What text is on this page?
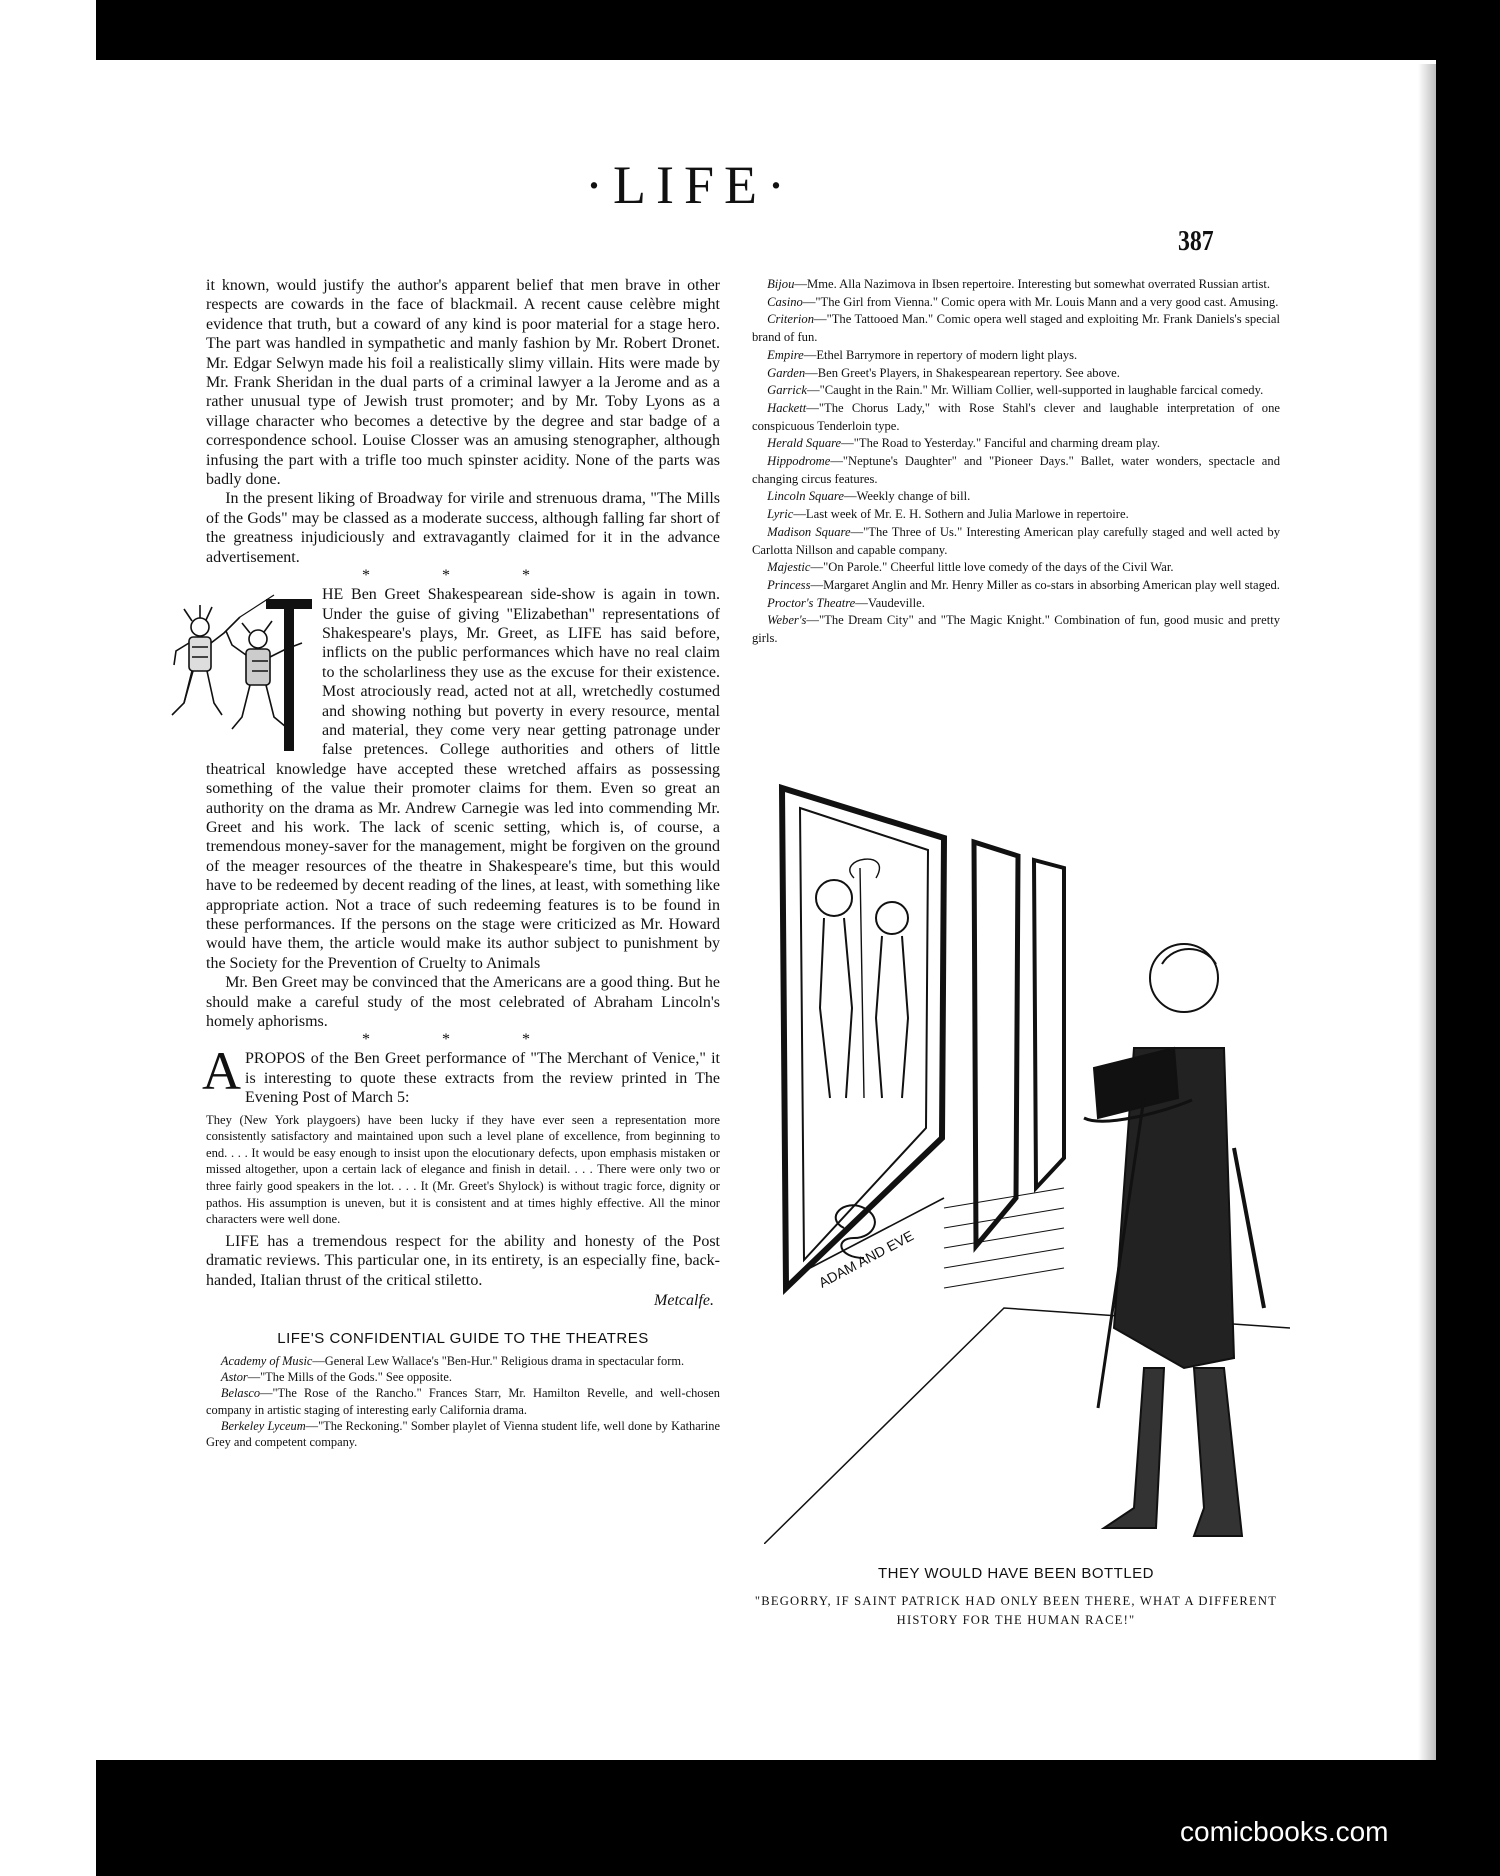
·LIFE·
387

it known, would justify the author's apparent belief that men brave in other respects are cowards in the face of blackmail. A recent cause celèbre might evidence that truth, but a coward of any kind is poor material for a stage hero. The part was handled in sympathetic and manly fashion by Mr. Robert Dronet. Mr. Edgar Selwyn made his foil a realistically slimy villain. Hits were made by Mr. Frank Sheridan in the dual parts of a criminal lawyer a la Jerome and as a rather unusual type of Jewish trust promoter; and by Mr. Toby Lyons as a village character who becomes a detective by the degree and star badge of a correspondence school. Louise Closser was an amusing stenographer, although infusing the part with a trifle too much spinster acidity. None of the parts was badly done.

In the present liking of Broadway for virile and strenuous drama, "The Mills of the Gods" may be classed as a moderate success, although falling far short of the greatness injudiciously and extravagantly claimed for it in the advance advertisement.

* * *

HE Ben Greet Shakespearean side-show is again in town. Under the guise of giving "Elizabethan" representations of Shakespeare's plays, Mr. Greet, as LIFE has said before, inflicts on the public performances which have no real claim to the scholarliness they use as the excuse for their existence. Most atrociously read, acted not at all, wretchedly costumed and showing nothing but poverty in every resource, mental and material, they come very near getting patronage under false pretences. College authorities and others of little theatrical knowledge have accepted these wretched affairs as possessing something of the value their promoter claims for them. Even so great an authority on the drama as Mr. Andrew Carnegie was led into commending Mr. Greet and his work. The lack of scenic setting, which is, of course, a tremendous money-saver for the management, might be forgiven on the ground of the meager resources of the theatre in Shakespeare's time, but this would have to be redeemed by decent reading of the lines, at least, with something like appropriate action. Not a trace of such redeeming features is to be found in these performances. If the persons on the stage were criticized as Mr. Howard would have them, the article would make its author subject to punishment by the Society for the Prevention of Cruelty to Animals

Mr. Ben Greet may be convinced that the Americans are a good thing. But he should make a careful study of the most celebrated of Abraham Lincoln's homely aphorisms.

* * *

APROPOS of the Ben Greet performance of "The Merchant of Venice," it is interesting to quote these extracts from the review printed in The Evening Post of March 5:

They (New York playgoers) have been lucky if they have ever seen a representation more consistently satisfactory and maintained upon such a level plane of excellence, from beginning to end. . . . It would be easy enough to insist upon the elocutionary defects, upon emphasis mistaken or missed altogether, upon a certain lack of elegance and finish in detail. . . . There were only two or three fairly good speakers in the lot. . . . It (Mr. Greet's Shylock) is without tragic force, dignity or pathos. His assumption is uneven, but it is consistent and at times highly effective. All the minor characters were well done.

LIFE has a tremendous respect for the ability and honesty of the Post dramatic reviews. This particular one, in its entirety, is an especially fine, back-handed, Italian thrust of the critical stiletto.

Metcalfe.
LIFE'S CONFIDENTIAL GUIDE TO THE THEATRES

Academy of Music—General Lew Wallace's "Ben-Hur." Religious drama in spectacular form.

Astor—"The Mills of the Gods." See opposite.

Belasco—"The Rose of the Rancho." Frances Starr, Mr. Hamilton Revelle, and well-chosen company in artistic staging of interesting early California drama.

Berkeley Lyceum—"The Reckoning." Somber playlet of Vienna student life, well done by Katharine Grey and competent company.

Bijou—Mme. Alla Nazimova in Ibsen repertoire. Interesting but somewhat overrated Russian artist.

Casino—"The Girl from Vienna." Comic opera with Mr. Louis Mann and a very good cast. Amusing.

Criterion—"The Tattooed Man." Comic opera well staged and exploiting Mr. Frank Daniels's special brand of fun.

Empire—Ethel Barrymore in repertory of modern light plays.

Garden—Ben Greet's Players, in Shakespearean repertory. See above.

Garrick—"Caught in the Rain." Mr. William Collier, well-supported in laughable farcical comedy.

Hackett—"The Chorus Lady," with Rose Stahl's clever and laughable interpretation of one conspicuous Tenderloin type.

Herald Square—"The Road to Yesterday." Fanciful and charming dream play.

Hippodrome—"Neptune's Daughter" and "Pioneer Days." Ballet, water wonders, spectacle and changing circus features.

Lincoln Square—Weekly change of bill.

Lyric—Last week of Mr. E. H. Sothern and Julia Marlowe in repertoire.

Madison Square—"The Three of Us." Interesting American play carefully staged and well acted by Carlotta Nillson and capable company.

Majestic—"On Parole." Cheerful little love comedy of the days of the Civil War.

Princess—Margaret Anglin and Mr. Henry Miller as co-stars in absorbing American play well staged.

Proctor's Theatre—Vaudeville.

Weber's—"The Dream City" and "The Magic Knight." Combination of fun, good music and pretty girls.

ADAM AND EVE
THEY WOULD HAVE BEEN BOTTLED
"BEGORRY, IF SAINT PATRICK HAD ONLY BEEN THERE, WHAT A DIFFERENT HISTORY FOR THE HUMAN RACE!"
comicbooks.com
